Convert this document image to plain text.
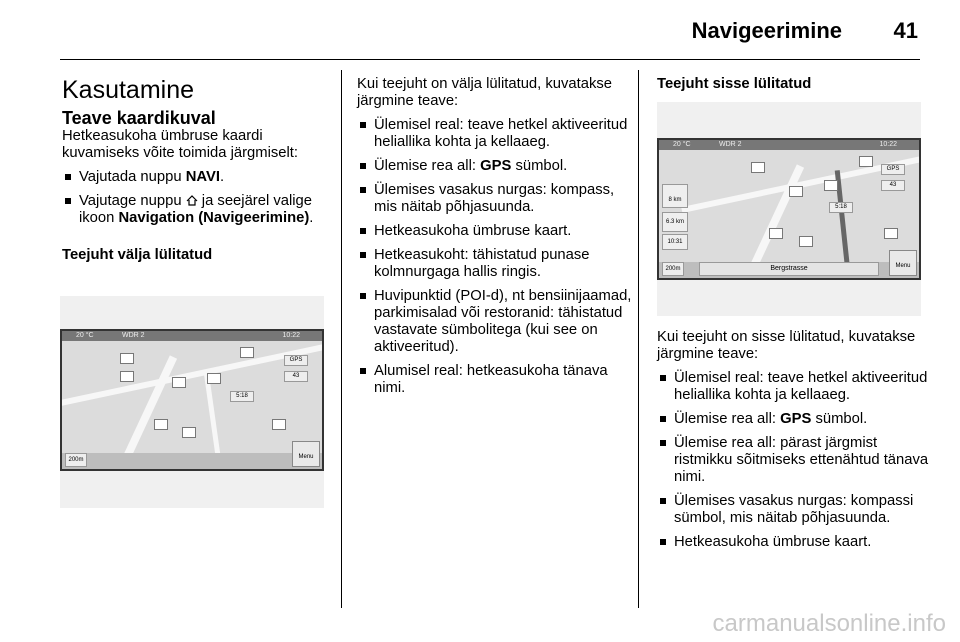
Navigeerimine 41
Kasutamine
Teave kaardikuval

Hetkeasukoha ümbruse kaardi kuvamiseks võite toimida järgmiselt:

Vajutada nuppu NAVI.
Vajutage nuppu  ja seejärel valige ikoon Navigation (Navigeerimine).
Teejuht välja lülitatud
20 °C	WDR 2	10:22
GPS
43
5:18
200m	Menu

Kui teejuht on välja lülitatud, kuvatakse järgmine teave:

Ülemisel real: teave hetkel aktiveeritud heliallika kohta ja kellaaeg.
Ülemise rea all: GPS sümbol.
Ülemises vasakus nurgas: kompass, mis näitab põhjasuunda.
Hetkeasukoha ümbruse kaart.
Hetkeasukoht: tähistatud punase kolmnurgaga hallis ringis.
Huvipunktid (POI-d), nt bensiinijaamad, parkimisalad või restoranid: tähistatud vastavate sümbolitega (kui see on aktiveeritud).
Alumisel real: hetkeasukoha tänava nimi.
Teejuht sisse lülitatud
20 °C	WDR 2	10:22
8 km
6.3 km
10:31
GPS
43
5:18
200m	Bergstrasse	Menu

Kui teejuht on sisse lülitatud, kuvatakse järgmine teave:

Ülemisel real: teave hetkel aktiveeritud heliallika kohta ja kellaaeg.
Ülemise rea all: GPS sümbol.
Ülemise rea all: pärast järgmist ristmikku sõitmiseks ettenähtud tänava nimi.
Ülemises vasakus nurgas: kompassi sümbol, mis näitab põhjasuunda.
Hetkeasukoha ümbruse kaart.
carmanualsonline.info
